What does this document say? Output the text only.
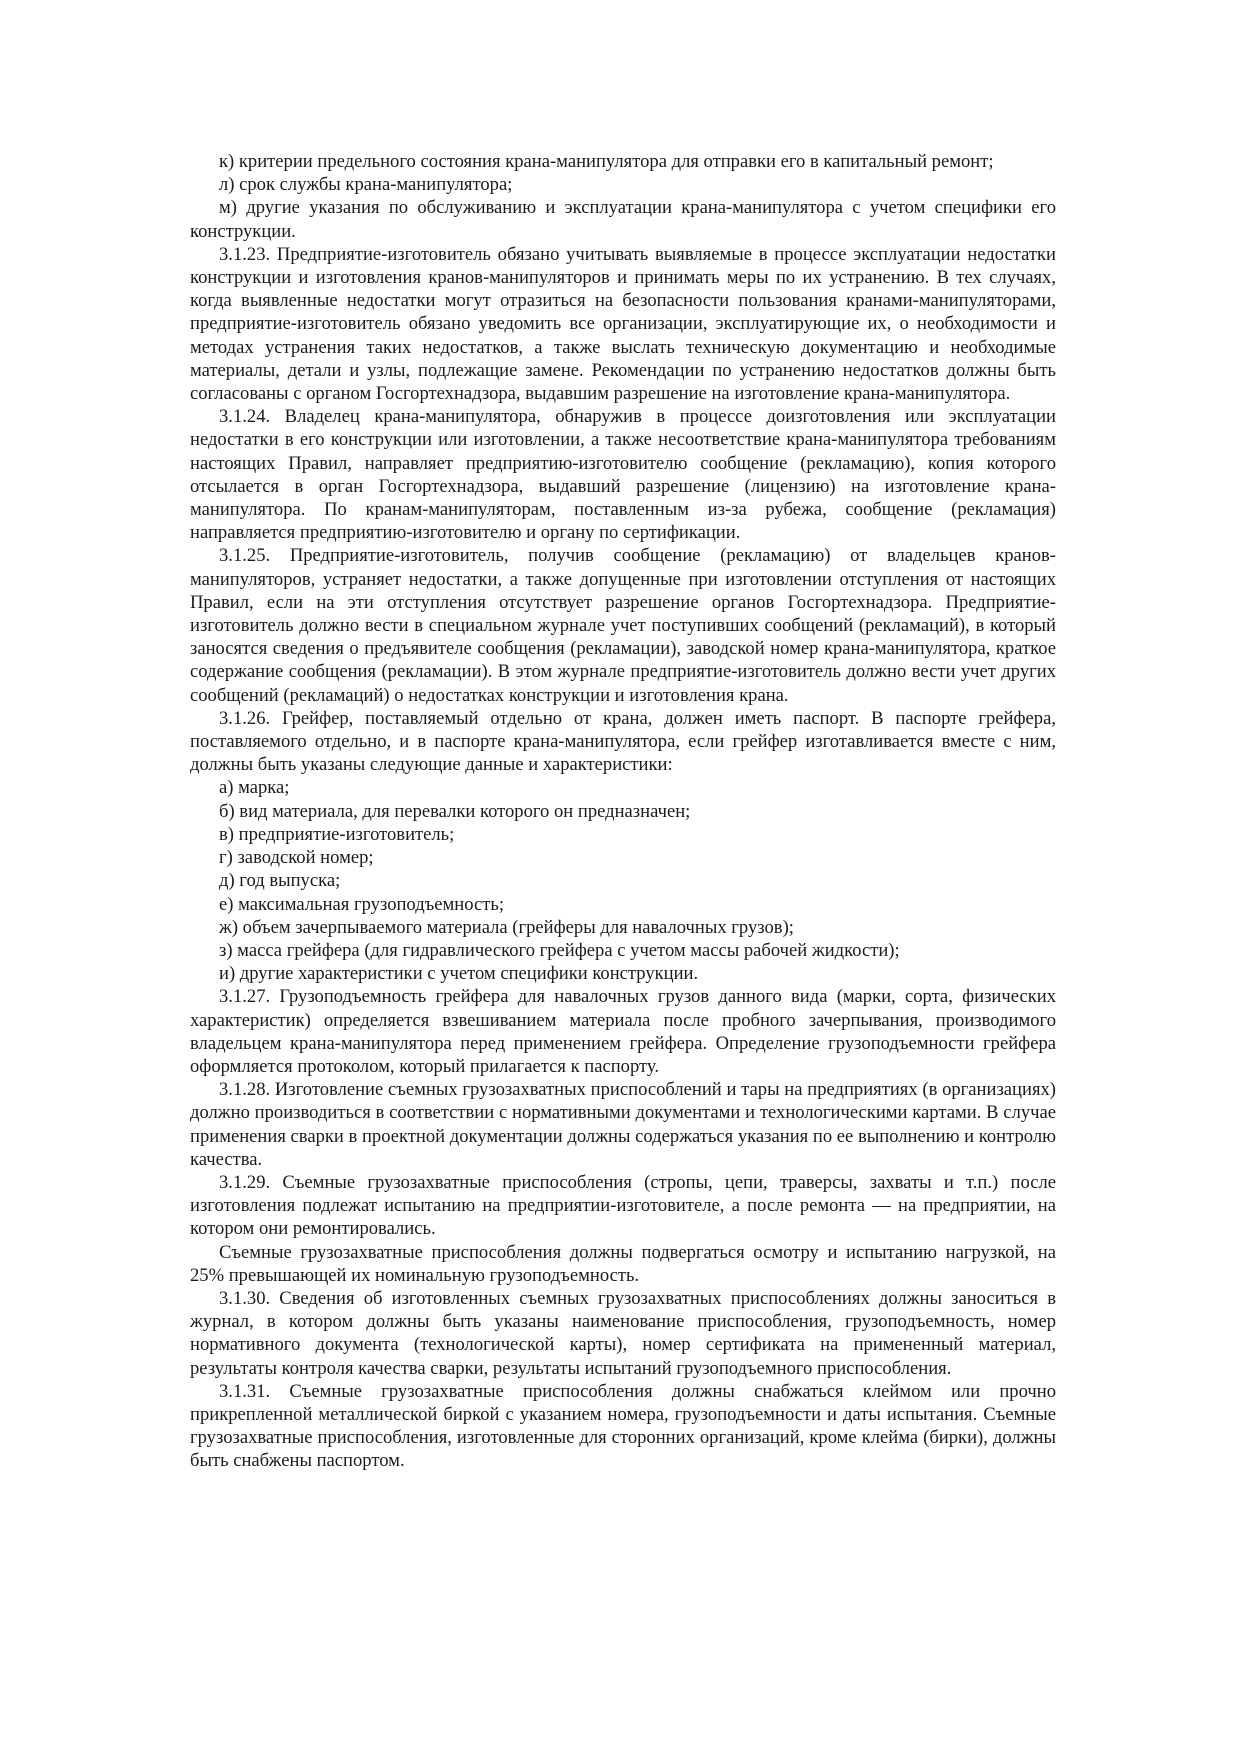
к) критерии предельного состояния крана-манипулятора для отправки его в капитальный ремонт;

л) срок службы крана-манипулятора;

м) другие указания по обслуживанию и эксплуатации крана-манипулятора с учетом специфики его конструкции.

3.1.23. Предприятие-изготовитель обязано учитывать выявляемые в процессе эксплуатации недостатки конструкции и изготовления кранов-манипуляторов и принимать меры по их устранению. В тех случаях, когда выявленные недостатки могут отразиться на безопасности пользования кранами-манипуляторами, предприятие-изготовитель обязано уведомить все организации, эксплуатирующие их, о необходимости и методах устранения таких недостатков, а также выслать техническую документацию и необходимые материалы, детали и узлы, подлежащие замене. Рекомендации по устранению недостатков должны быть согласованы с органом Госгортехнадзора, выдавшим разрешение на изготовление крана-манипулятора.

3.1.24. Владелец крана-манипулятора, обнаружив в процессе доизготовления или эксплуатации недостатки в его конструкции или изготовлении, а также несоответствие крана-манипулятора требованиям настоящих Правил, направляет предприятию-изготовителю сообщение (рекламацию), копия которого отсылается в орган Госгортехнадзора, выдавший разрешение (лицензию) на изготовление крана-манипулятора. По кранам-манипуляторам, поставленным из-за рубежа, сообщение (рекламация) направляется предприятию-изготовителю и органу по сертификации.

3.1.25. Предприятие-изготовитель, получив сообщение (рекламацию) от владельцев кранов-манипуляторов, устраняет недостатки, а также допущенные при изготовлении отступления от настоящих Правил, если на эти отступления отсутствует разрешение органов Госгортехнадзора. Предприятие-изготовитель должно вести в специальном журнале учет поступивших сообщений (рекламаций), в который заносятся сведения о предъявителе сообщения (рекламации), заводской номер крана-манипулятора, краткое содержание сообщения (рекламации). В этом журнале предприятие-изготовитель должно вести учет других сообщений (рекламаций) о недостатках конструкции и изготовления крана.

3.1.26. Грейфер, поставляемый отдельно от крана, должен иметь паспорт. В паспорте грейфера, поставляемого отдельно, и в паспорте крана-манипулятора, если грейфер изготавливается вместе с ним, должны быть указаны следующие данные и характеристики:

а) марка;

б) вид материала, для перевалки которого он предназначен;

в) предприятие-изготовитель;

г) заводской номер;

д) год выпуска;

е) максимальная грузоподъемность;

ж) объем зачерпываемого материала (грейферы для навалочных грузов);

з) масса грейфера (для гидравлического грейфера с учетом массы рабочей жидкости);

и) другие характеристики с учетом специфики конструкции.

3.1.27. Грузоподъемность грейфера для навалочных грузов данного вида (марки, сорта, физических характеристик) определяется взвешиванием материала после пробного зачерпывания, производимого владельцем крана-манипулятора перед применением грейфера. Определение грузоподъемности грейфера оформляется протоколом, который прилагается к паспорту.

3.1.28. Изготовление съемных грузозахватных приспособлений и тары на предприятиях (в организациях) должно производиться в соответствии с нормативными документами и технологическими картами. В случае применения сварки в проектной документации должны содержаться указания по ее выполнению и контролю качества.

3.1.29. Съемные грузозахватные приспособления (стропы, цепи, траверсы, захваты и т.п.) после изготовления подлежат испытанию на предприятии-изготовителе, а после ремонта — на предприятии, на котором они ремонтировались.

Съемные грузозахватные приспособления должны подвергаться осмотру и испытанию нагрузкой, на 25% превышающей их номинальную грузоподъемность.

3.1.30. Сведения об изготовленных съемных грузозахватных приспособлениях должны заноситься в журнал, в котором должны быть указаны наименование приспособления, грузоподъемность, номер нормативного документа (технологической карты), номер сертификата на примененный материал, результаты контроля качества сварки, результаты испытаний грузоподъемного приспособления.

3.1.31. Съемные грузозахватные приспособления должны снабжаться клеймом или прочно прикрепленной металлической биркой с указанием номера, грузоподъемности и даты испытания. Съемные грузозахватные приспособления, изготовленные для сторонних организаций, кроме клейма (бирки), должны быть снабжены паспортом.
